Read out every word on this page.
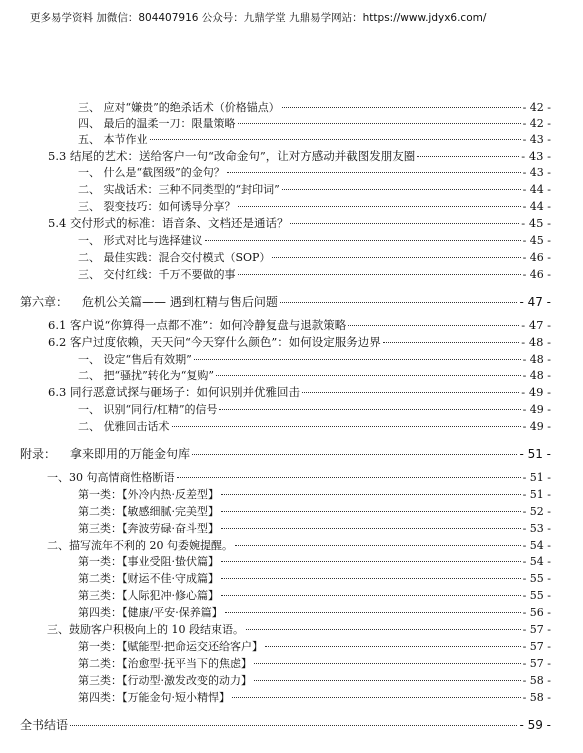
更多易学资料 加微信：804407916 公众号：九鼎学堂 九鼎易学网站：https://www.jdyx6.com/
三、 应对“嫌贵”的绝杀话术（价格锚点）	- 42 -
四、 最后的温柔一刀：限量策略	- 42 -
五、 本节作业	- 43 -
5.3 结尾的艺术：送给客户一句“改命金句”，让对方感动并截图发朋友圈	- 43 -
一、 什么是“截图级”的金句？	- 43 -
二、 实战话术：三种不同类型的“封印词”	- 44 -
三、 裂变技巧：如何诱导分享？	- 44 -
5.4 交付形式的标准：语音条、文档还是通话？	- 45 -
一、 形式对比与选择建议	- 45 -
二、 最佳实践：混合交付模式（SOP）	- 46 -
三、 交付红线：千万不要做的事	- 46 -
第六章： 危机公关篇—— 遇到杠精与售后问题	- 47 -
6.1 客户说“你算得一点都不准”：如何冷静复盘与退款策略	- 47 -
6.2 客户过度依赖，天天问“今天穿什么颜色”：如何设定服务边界	- 48 -
一、 设定“售后有效期”	- 48 -
二、 把“骚扰”转化为“复购”	- 48 -
6.3 同行恶意试探与砸场子：如何识别并优雅回击	- 49 -
一、 识别“同行/杠精”的信号	- 49 -
二、 优雅回击话术	- 49 -
附录： 拿来即用的万能金句库	- 51 -
一、30 句高情商性格断语	- 51 -
第一类：【外冷内热·反差型】	- 51 -
第二类：【敏感细腻·完美型】	- 52 -
第三类：【奔波劳碌·奋斗型】	- 53 -
二、描写流年不利的 20 句委婉提醒。	- 54 -
第一类：【事业受阻·蛰伏篇】	- 54 -
第二类：【财运不佳·守成篇】	- 55 -
第三类：【人际犯冲·修心篇】	- 55 -
第四类：【健康/平安·保养篇】	- 56 -
三、鼓励客户积极向上的 10 段结束语。	- 57 -
第一类：【赋能型·把命运交还给客户】	- 57 -
第二类：【治愈型·抚平当下的焦虑】	- 57 -
第三类：【行动型·激发改变的动力】	- 58 -
第四类：【万能金句·短小精悍】	- 58 -
全书结语	- 59 -
